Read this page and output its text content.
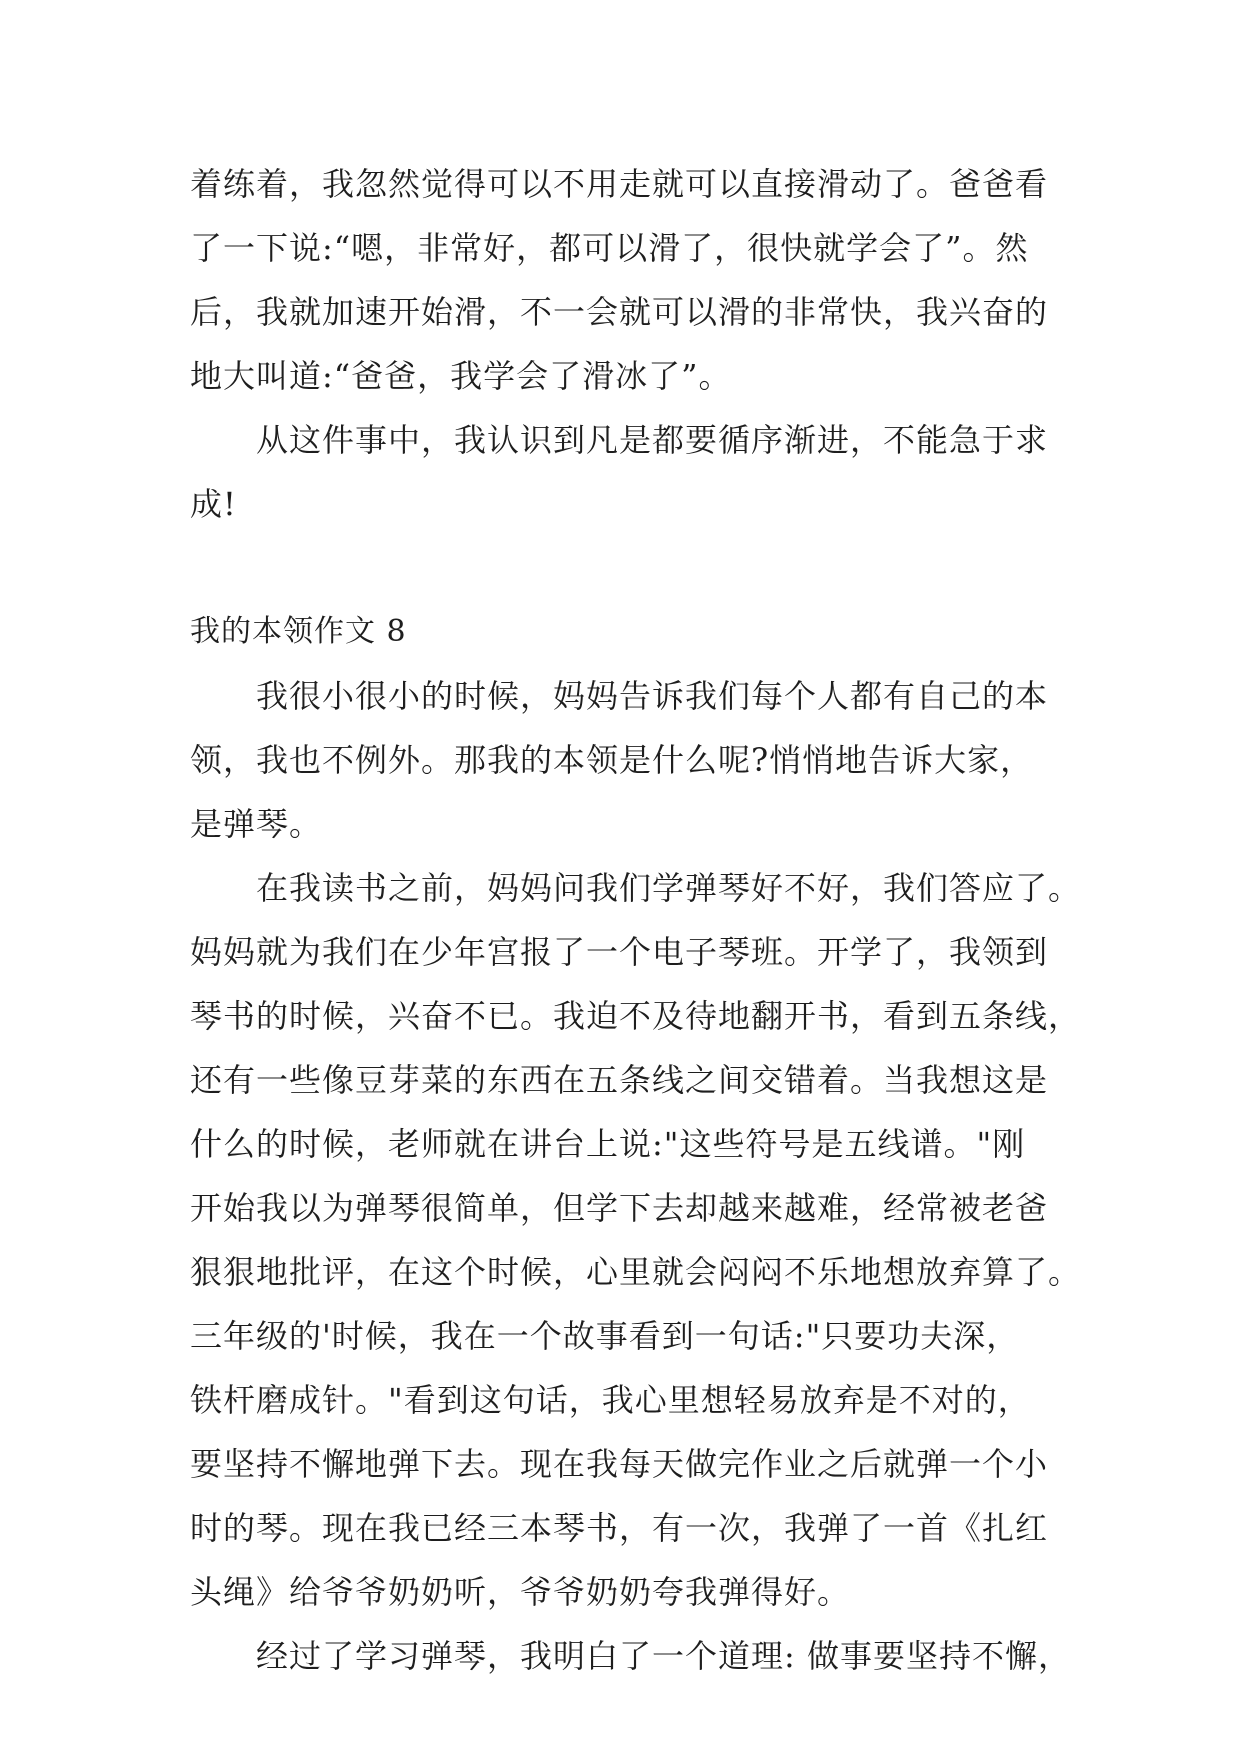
着练着，我忽然觉得可以不用走就可以直接滑动了。爸爸看
了一下说:“嗯，非常好，都可以滑了，很快就学会了”。然
后，我就加速开始滑，不一会就可以滑的非常快，我兴奋的
地大叫道:“爸爸，我学会了滑冰了”。
从这件事中，我认识到凡是都要循序渐进，不能急于求
成!
我的本领作文 8
我很小很小的时候，妈妈告诉我们每个人都有自己的本
领，我也不例外。那我的本领是什么呢?悄悄地告诉大家，
是弹琴。
在我读书之前，妈妈问我们学弹琴好不好，我们答应了。
妈妈就为我们在少年宫报了一个电子琴班。开学了，我领到
琴书的时候，兴奋不已。我迫不及待地翻开书，看到五条线，
还有一些像豆芽菜的东西在五条线之间交错着。当我想这是
什么的时候，老师就在讲台上说:"这些符号是五线谱。"刚
开始我以为弹琴很简单，但学下去却越来越难，经常被老爸
狠狠地批评，在这个时候，心里就会闷闷不乐地想放弃算了。
三年级的'时候，我在一个故事看到一句话:"只要功夫深，
铁杆磨成针。"看到这句话，我心里想轻易放弃是不对的，
要坚持不懈地弹下去。现在我每天做完作业之后就弹一个小
时的琴。现在我已经三本琴书，有一次，我弹了一首《扎红
头绳》给爷爷奶奶听，爷爷奶奶夸我弹得好。
经过了学习弹琴，我明白了一个道理: 做事要坚持不懈，
